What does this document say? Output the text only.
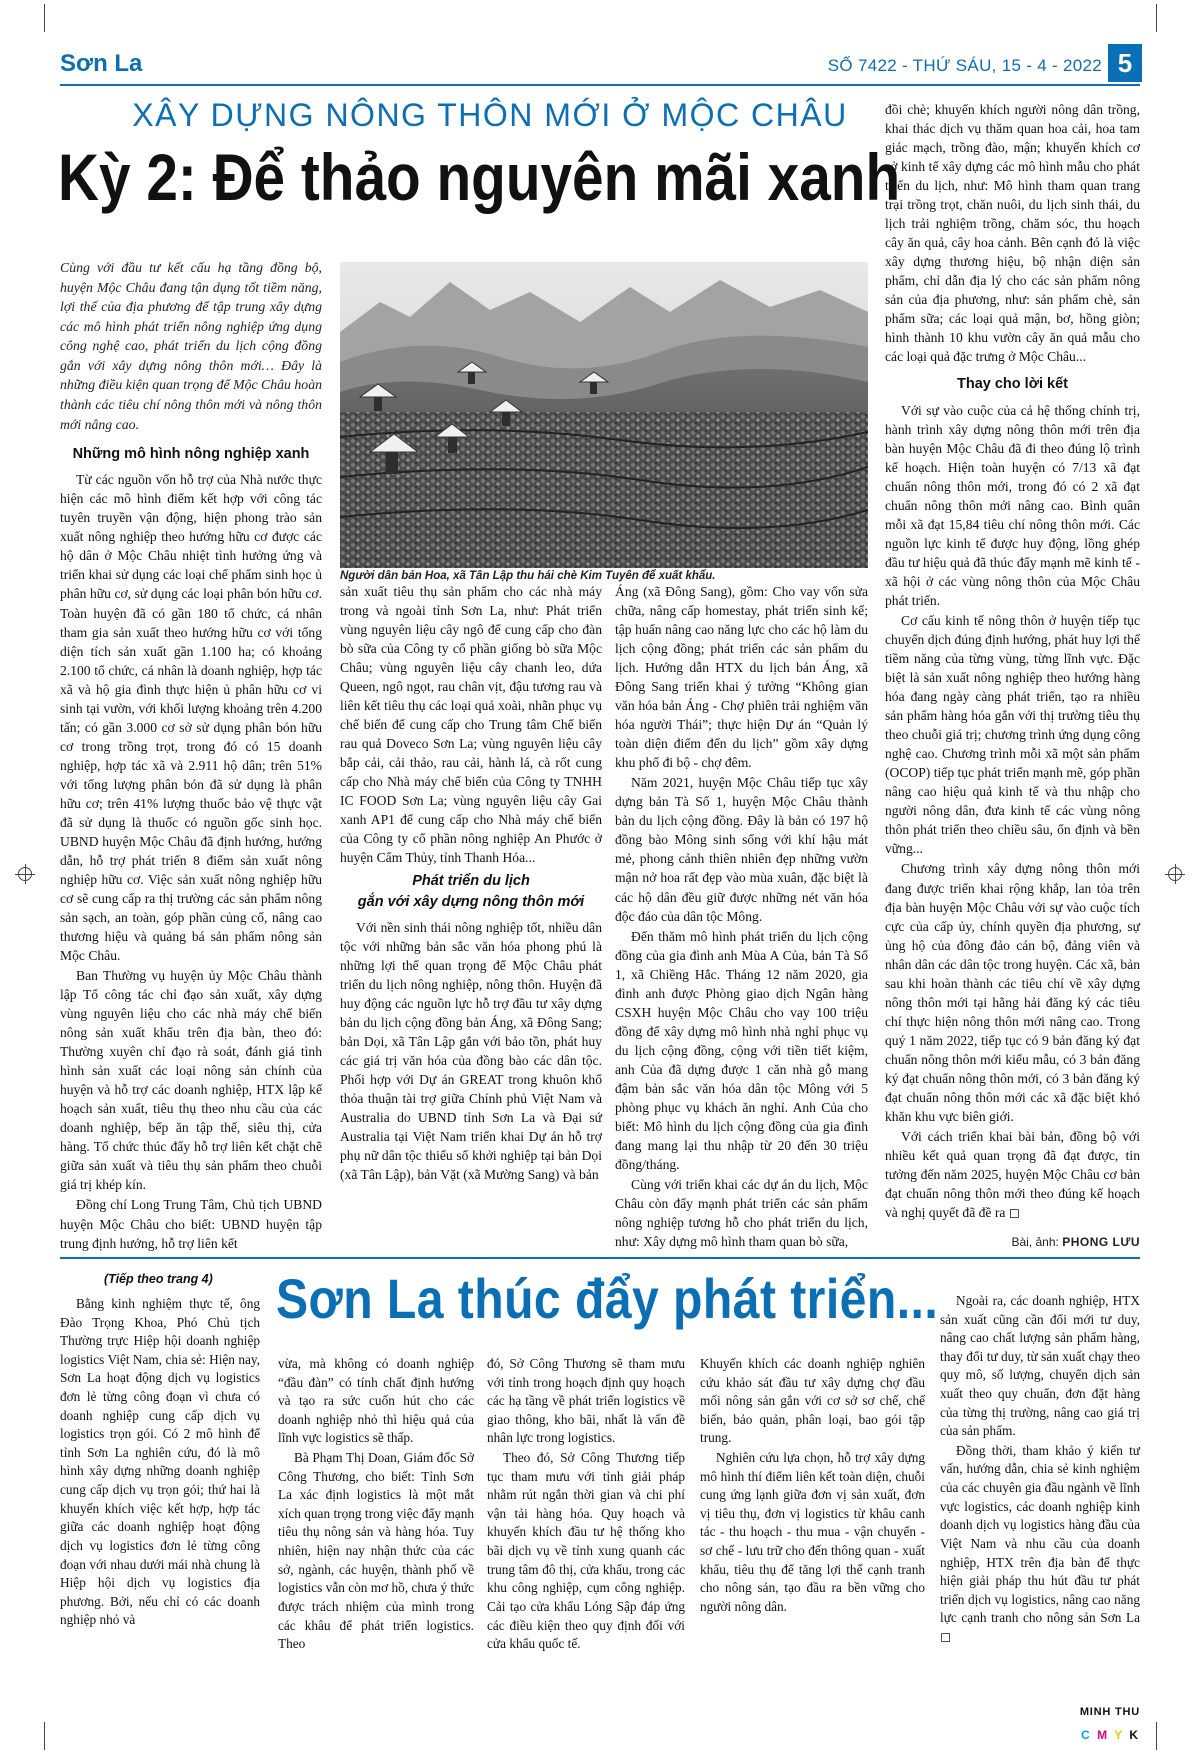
Sơn La	SỐ 7422 - THỨ SÁU, 15 - 4 - 2022 5
XÂY DỰNG NÔNG THÔN MỚI Ở MỘC CHÂU
Kỳ 2: Để thảo nguyên mãi xanh
Cùng với đầu tư kết cấu hạ tầng đồng bộ, huyện Mộc Châu đang tận dụng tốt tiềm năng, lợi thế của địa phương để tập trung xây dựng các mô hình phát triển nông nghiệp ứng dụng công nghệ cao, phát triển du lịch cộng đồng gắn với xây dựng nông thôn mới… Đây là những điều kiện quan trọng để Mộc Châu hoàn thành các tiêu chí nông thôn mới và nông thôn mới nâng cao.
Những mô hình nông nghiệp xanh

Từ các nguồn vốn hỗ trợ của Nhà nước thực hiện các mô hình điểm kết hợp với công tác tuyên truyền vận động, hiện phong trào sản xuất nông nghiệp theo hướng hữu cơ được các hộ dân ở Mộc Châu nhiệt tình hưởng ứng và triển khai sử dụng các loại chế phẩm sinh học ủ phân hữu cơ, sử dụng các loại phân bón hữu cơ. Toàn huyện đã có gần 180 tổ chức, cá nhân tham gia sản xuất theo hướng hữu cơ với tổng diện tích sản xuất gần 1.100 ha; có khoảng 2.100 tổ chức, cá nhân là doanh nghiệp, hợp tác xã và hộ gia đình thực hiện ủ phân hữu cơ vi sinh tại vườn, với khối lượng khoảng trên 4.200 tấn; có gần 3.000 cơ sở sử dụng phân bón hữu cơ trong trồng trọt, trong đó có 15 doanh nghiệp, hợp tác xã và 2.911 hộ dân; trên 51% với tổng lượng phân bón đã sử dụng là phân hữu cơ; trên 41% lượng thuốc bảo vệ thực vật đã sử dụng là thuốc có nguồn gốc sinh học. UBND huyện Mộc Châu đã định hướng, hướng dẫn, hỗ trợ phát triển 8 điểm sản xuất nông nghiệp hữu cơ. Việc sản xuất nông nghiệp hữu cơ sẽ cung cấp ra thị trường các sản phẩm nông sản sạch, an toàn, góp phần củng cố, nâng cao thương hiệu và quảng bá sản phẩm nông sản Mộc Châu.

Ban Thường vụ huyện ủy Mộc Châu thành lập Tổ công tác chỉ đạo sản xuất, xây dựng vùng nguyên liệu cho các nhà máy chế biến nông sản xuất khẩu trên địa bàn, theo đó: Thường xuyên chỉ đạo rà soát, đánh giá tình hình sản xuất các loại nông sản chính của huyện và hỗ trợ các doanh nghiệp, HTX lập kế hoạch sản xuất, tiêu thụ theo nhu cầu của các doanh nghiệp, bếp ăn tập thể, siêu thị, cửa hàng. Tổ chức thúc đẩy hỗ trợ liên kết chặt chẽ giữa sản xuất và tiêu thụ sản phẩm theo chuỗi giá trị khép kín.

Đồng chí Long Trung Tâm, Chủ tịch UBND huyện Mộc Châu cho biết: UBND huyện tập trung định hướng, hỗ trợ liên kết

Người dân bản Hoa, xã Tân Lập thu hái chè Kim Tuyên để xuất khẩu.

sản xuất tiêu thụ sản phẩm cho các nhà máy trong và ngoài tỉnh Sơn La, như: Phát triển vùng nguyên liệu cây ngô để cung cấp cho đàn bò sữa của Công ty cổ phần giống bò sữa Mộc Châu; vùng nguyên liệu cây chanh leo, dứa Queen, ngô ngọt, rau chân vịt, đậu tương rau và liên kết tiêu thụ các loại quả xoài, nhãn phục vụ chế biến để cung cấp cho Trung tâm Chế biến rau quả Doveco Sơn La; vùng nguyên liệu cây bắp cải, cải thảo, rau cải, hành lá, cà rốt cung cấp cho Nhà máy chế biến của Công ty TNHH IC FOOD Sơn La; vùng nguyên liệu cây Gai xanh AP1 để cung cấp cho Nhà máy chế biến của Công ty cổ phần nông nghiệp An Phước ở huyện Cẩm Thủy, tỉnh Thanh Hóa...

Phát triển du lịch
gắn với xây dựng nông thôn mới

Với nền sinh thái nông nghiệp tốt, nhiều dân tộc với những bản sắc văn hóa phong phú là những lợi thế quan trọng để Mộc Châu phát triển du lịch nông nghiệp, nông thôn. Huyện đã huy động các nguồn lực hỗ trợ đầu tư xây dựng bản du lịch cộng đồng bản Áng, xã Đông Sang; bản Dọi, xã Tân Lập gắn với bảo tồn, phát huy các giá trị văn hóa của đồng bào các dân tộc. Phối hợp với Dự án GREAT trong khuôn khổ thỏa thuận tài trợ giữa Chính phủ Việt Nam và Australia do UBND tỉnh Sơn La và Đại sứ Australia tại Việt Nam triển khai Dự án hỗ trợ phụ nữ dân tộc thiểu số khởi nghiệp tại bản Dọi (xã Tân Lập), bản Vặt (xã Mường Sang) và bản

Áng (xã Đông Sang), gồm: Cho vay vốn sửa chữa, nâng cấp homestay, phát triển sinh kế; tập huấn nâng cao năng lực cho các hộ làm du lịch cộng đồng; phát triển các sản phẩm du lịch. Hướng dẫn HTX du lịch bản Áng, xã Đông Sang triển khai ý tưởng “Không gian văn hóa bản Áng - Chợ phiên trải nghiệm văn hóa người Thái”; thực hiện Dự án “Quản lý toàn diện điểm đến du lịch” gồm xây dựng khu phố đi bộ - chợ đêm.

Năm 2021, huyện Mộc Châu tiếp tục xây dựng bản Tà Số 1, huyện Mộc Châu thành bản du lịch cộng đồng. Đây là bản có 197 hộ đồng bào Mông sinh sống với khí hậu mát mẻ, phong cảnh thiên nhiên đẹp những vườn mận nở hoa rất đẹp vào mùa xuân, đặc biệt là các hộ dân đều giữ được những nét văn hóa độc đáo của dân tộc Mông.

Đến thăm mô hình phát triển du lịch cộng đồng của gia đình anh Mùa A Của, bản Tà Số 1, xã Chiềng Hắc. Tháng 12 năm 2020, gia đình anh được Phòng giao dịch Ngân hàng CSXH huyện Mộc Châu cho vay 100 triệu đồng để xây dựng mô hình nhà nghỉ phục vụ du lịch cộng đồng, cộng với tiền tiết kiệm, anh Của đã dựng được 1 căn nhà gỗ mang đậm bản sắc văn hóa dân tộc Mông với 5 phòng phục vụ khách ăn nghỉ. Anh Của cho biết: Mô hình du lịch cộng đồng của gia đình đang mang lại thu nhập từ 20 đến 30 triệu đồng/tháng.

Cùng với triển khai các dự án du lịch, Mộc Châu còn đẩy mạnh phát triển các sản phẩm nông nghiệp tương hỗ cho phát triển du lịch, như: Xây dựng mô hình tham quan bò sữa,

đồi chè; khuyến khích người nông dân trồng, khai thác dịch vụ thăm quan hoa cải, hoa tam giác mạch, trồng đào, mận; khuyến khích cơ sở kinh tế xây dựng các mô hình mẫu cho phát triển du lịch, như: Mô hình tham quan trang trại trồng trọt, chăn nuôi, du lịch sinh thái, du lịch trải nghiệm trồng, chăm sóc, thu hoạch cây ăn quả, cây hoa cảnh. Bên cạnh đó là việc xây dựng thương hiệu, bộ nhận diện sản phẩm, chỉ dẫn địa lý cho các sản phẩm nông sản của địa phương, như: sản phẩm chè, sản phẩm sữa; các loại quả mận, bơ, hồng giòn; hình thành 10 khu vườn cây ăn quả mẫu cho các loại quả đặc trưng ở Mộc Châu...

Thay cho lời kết

Với sự vào cuộc của cả hệ thống chính trị, hành trình xây dựng nông thôn mới trên địa bàn huyện Mộc Châu đã đi theo đúng lộ trình kế hoạch. Hiện toàn huyện có 7/13 xã đạt chuẩn nông thôn mới, trong đó có 2 xã đạt chuẩn nông thôn mới nâng cao. Bình quân mỗi xã đạt 15,84 tiêu chí nông thôn mới. Các nguồn lực kinh tế được huy động, lồng ghép đầu tư hiệu quả đã thúc đẩy mạnh mẽ kinh tế - xã hội ở các vùng nông thôn của Mộc Châu phát triển.

Cơ cấu kinh tế nông thôn ở huyện tiếp tục chuyển dịch đúng định hướng, phát huy lợi thế tiềm năng của từng vùng, từng lĩnh vực. Đặc biệt là sản xuất nông nghiệp theo hướng hàng hóa đang ngày càng phát triển, tạo ra nhiều sản phẩm hàng hóa gắn với thị trường tiêu thụ theo chuỗi giá trị; chương trình ứng dụng công nghệ cao. Chương trình mỗi xã một sản phẩm (OCOP) tiếp tục phát triển mạnh mẽ, góp phần nâng cao hiệu quả kinh tế và thu nhập cho người nông dân, đưa kinh tế các vùng nông thôn phát triển theo chiều sâu, ổn định và bền vững...

Chương trình xây dựng nông thôn mới đang được triển khai rộng khắp, lan tỏa trên địa bàn huyện Mộc Châu với sự vào cuộc tích cực của cấp ủy, chính quyền địa phương, sự ủng hộ của đông đảo cán bộ, đảng viên và nhân dân các dân tộc trong huyện. Các xã, bản sau khi hoàn thành các tiêu chí về xây dựng nông thôn mới tại hằng hải đăng ký các tiêu chí thực hiện nông thôn mới nâng cao. Trong quý 1 năm 2022, tiếp tục có 9 bản đăng ký đạt chuẩn nông thôn mới kiểu mẫu, có 3 bản đăng ký đạt chuẩn nông thôn mới, có 3 bản đăng ký đạt chuẩn nông thôn mới các xã đặc biệt khó khăn khu vực biên giới.

Với cách triển khai bài bản, đồng bộ với nhiều kết quả quan trọng đã đạt được, tin tưởng đến năm 2025, huyện Mộc Châu cơ bản đạt chuẩn nông thôn mới theo đúng kế hoạch và nghị quyết đã đề ra ◻

Bài, ảnh: PHONG LƯU
(Tiếp theo trang 4) Sơn La thúc đẩy phát triển...

Bằng kinh nghiệm thực tế, ông Đào Trọng Khoa, Phó Chủ tịch Thường trực Hiệp hội doanh nghiệp logistics Việt Nam, chia sẻ: Hiện nay, Sơn La hoạt động dịch vụ logistics đơn lẻ từng công đoạn vì chưa có doanh nghiệp cung cấp dịch vụ logistics trọn gói. Có 2 mô hình để tỉnh Sơn La nghiên cứu, đó là mô hình xây dựng những doanh nghiệp cung cấp dịch vụ trọn gói; thứ hai là khuyến khích việc kết hợp, hợp tác giữa các doanh nghiệp hoạt động dịch vụ logistics đơn lẻ từng công đoạn với nhau dưới mái nhà chung là Hiệp hội dịch vụ logistics địa phương. Bởi, nếu chỉ có các doanh nghiệp nhỏ và

vừa, mà không có doanh nghiệp “đầu đàn” có tính chất định hướng và tạo ra sức cuốn hút cho các doanh nghiệp nhỏ thì hiệu quả của lĩnh vực logistics sẽ thấp.

Bà Phạm Thị Doan, Giám đốc Sở Công Thương, cho biết: Tỉnh Sơn La xác định logistics là một mắt xích quan trọng trong việc đẩy mạnh tiêu thụ nông sản và hàng hóa. Tuy nhiên, hiện nay nhận thức của các sở, ngành, các huyện, thành phố về logistics vẫn còn mơ hồ, chưa ý thức được trách nhiệm của mình trong các khâu để phát triển logistics. Theo

đó, Sở Công Thương sẽ tham mưu với tỉnh trong hoạch định quy hoạch các hạ tầng về phát triển logistics về giao thông, kho bãi, nhất là vấn đề nhân lực trong logistics.

Theo đó, Sở Công Thương tiếp tục tham mưu với tỉnh giải pháp nhằm rút ngắn thời gian và chi phí vận tải hàng hóa. Quy hoạch và khuyến khích đầu tư hệ thống kho bãi dịch vụ về tỉnh xung quanh các trung tâm đô thị, cửa khẩu, trong các khu công nghiệp, cụm công nghiệp. Cải tạo cửa khẩu Lóng Sập đáp ứng các điều kiện theo quy định đối với cửa khẩu quốc tế.

Khuyến khích các doanh nghiệp nghiên cứu khảo sát đầu tư xây dựng chợ đầu mối nông sản gắn với cơ sở sơ chế, chế biến, bảo quản, phân loại, bao gói tập trung.

Nghiên cứu lựa chọn, hỗ trợ xây dựng mô hình thí điểm liên kết toàn diện, chuỗi cung ứng lạnh giữa đơn vị sản xuất, đơn vị tiêu thụ, đơn vị logistics từ khâu canh tác - thu hoạch - thu mua - vận chuyển - sơ chế - lưu trữ cho đến thông quan - xuất khẩu, tiêu thụ để tăng lợi thế cạnh tranh cho nông sản, tạo đầu ra bền vững cho người nông dân.

Ngoài ra, các doanh nghiệp, HTX sản xuất cũng cần đổi mới tư duy, nâng cao chất lượng sản phẩm hàng, thay đổi tư duy, từ sản xuất chạy theo quy mô, số lượng, chuyển dịch sản xuất theo quy chuẩn, đơn đặt hàng của từng thị trường, nâng cao giá trị của sản phẩm.

Đồng thời, tham khảo ý kiến tư vấn, hướng dẫn, chia sẻ kinh nghiệm của các chuyên gia đầu ngành về lĩnh vực logistics, các doanh nghiệp kinh doanh dịch vụ logistics hàng đầu của Việt Nam và nhu cầu của doanh nghiệp, HTX trên địa bàn để thực hiện giải pháp thu hút đầu tư phát triển dịch vụ logistics, nâng cao năng lực cạnh tranh cho nông sản Sơn La ◻

MINH THU
C M Y K
